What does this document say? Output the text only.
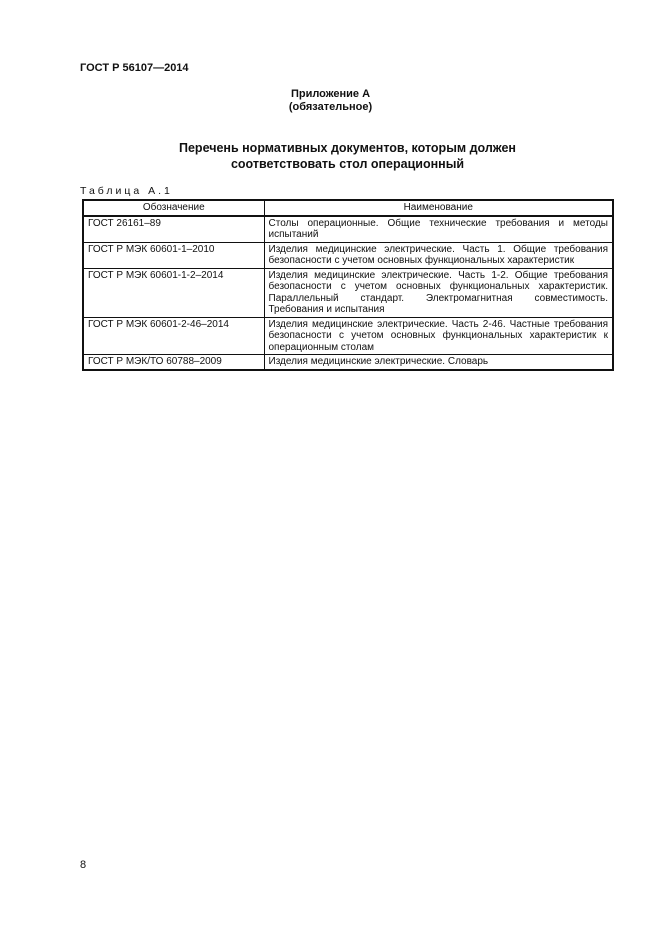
ГОСТ Р 56107—2014
Приложение А
(обязательное)
Перечень нормативных документов, которым должен
соответствовать стол операционный
Таблица А.1
Обозначение	Наименование
ГОСТ 26161–89	Столы операционные. Общие технические требования и методы испытаний
ГОСТ Р МЭК 60601-1–2010	Изделия медицинские электрические. Часть 1. Общие требования безопасности с учетом основных функциональных характеристик
ГОСТ Р МЭК 60601-1-2–2014	Изделия медицинские электрические. Часть 1-2. Общие требования безопасности с учетом основных функциональных характеристик. Параллельный стандарт. Электромагнитная совместимость. Требования и испытания
ГОСТ Р МЭК 60601-2-46–2014	Изделия медицинские электрические. Часть 2-46. Частные требования безопасности с учетом основных функциональных характеристик к операционным столам
ГОСТ Р МЭК/ТО 60788–2009	Изделия медицинские электрические. Словарь
8
